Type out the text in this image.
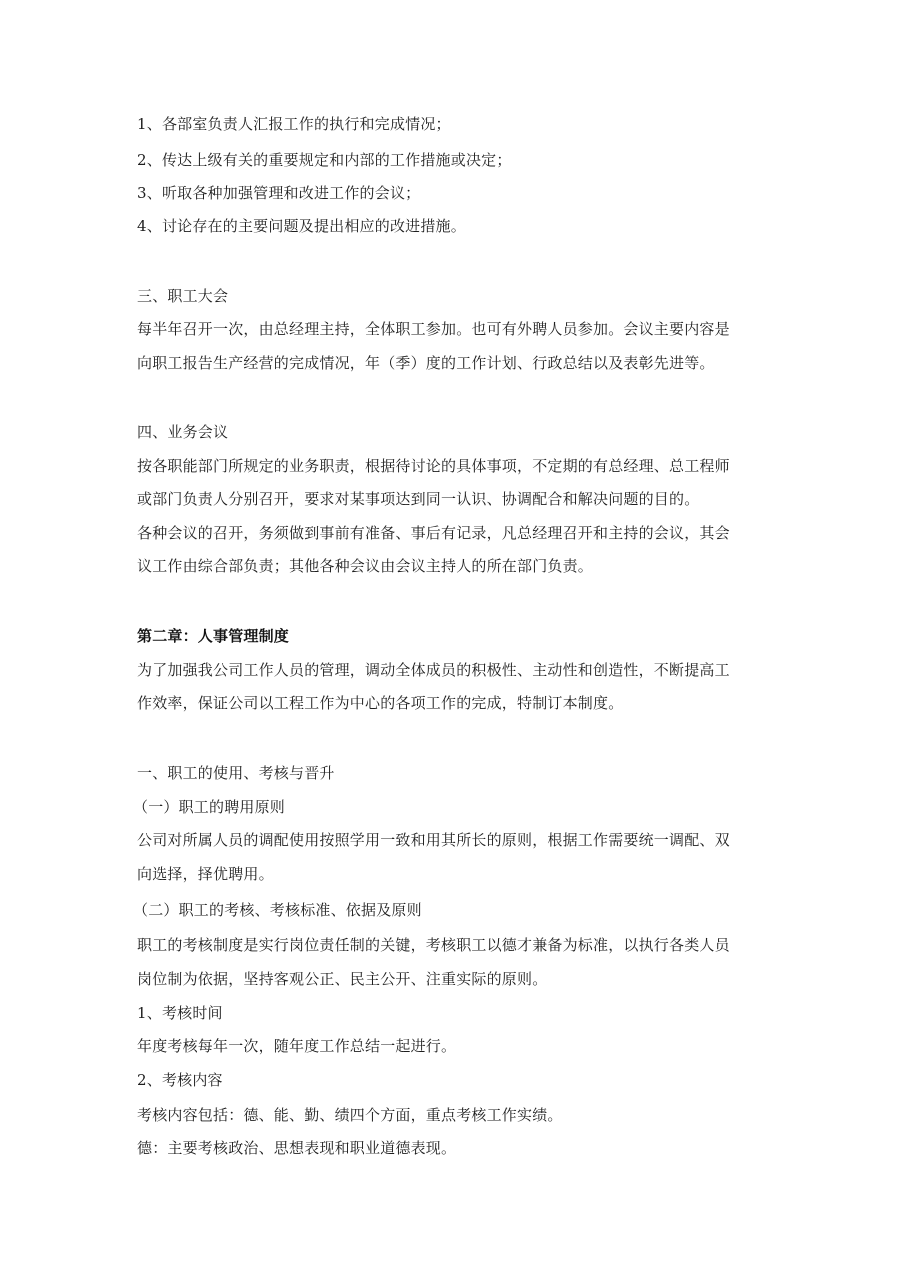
1、各部室负责人汇报工作的执行和完成情况；
2、传达上级有关的重要规定和内部的工作措施或决定；
3、听取各种加强管理和改进工作的会议；
4、讨论存在的主要问题及提出相应的改进措施。
三、职工大会
每半年召开一次，由总经理主持，全体职工参加。也可有外聘人员参加。会议主要内容是
向职工报告生产经营的完成情况，年（季）度的工作计划、行政总结以及表彰先进等。
四、业务会议
按各职能部门所规定的业务职责，根据待讨论的具体事项，不定期的有总经理、总工程师
或部门负责人分别召开，要求对某事项达到同一认识、协调配合和解决问题的目的。
各种会议的召开，务须做到事前有准备、事后有记录，凡总经理召开和主持的会议，其会
议工作由综合部负责；其他各种会议由会议主持人的所在部门负责。
第二章：人事管理制度
为了加强我公司工作人员的管理，调动全体成员的积极性、主动性和创造性，不断提高工
作效率，保证公司以工程工作为中心的各项工作的完成，特制订本制度。
一、职工的使用、考核与晋升
（一）职工的聘用原则
公司对所属人员的调配使用按照学用一致和用其所长的原则，根据工作需要统一调配、双
向选择，择优聘用。
（二）职工的考核、考核标准、依据及原则
职工的考核制度是实行岗位责任制的关键，考核职工以德才兼备为标准，以执行各类人员
岗位制为依据，坚持客观公正、民主公开、注重实际的原则。
1、考核时间
年度考核每年一次，随年度工作总结一起进行。
2、考核内容
考核内容包括：德、能、勤、绩四个方面，重点考核工作实绩。
德：主要考核政治、思想表现和职业道德表现。
